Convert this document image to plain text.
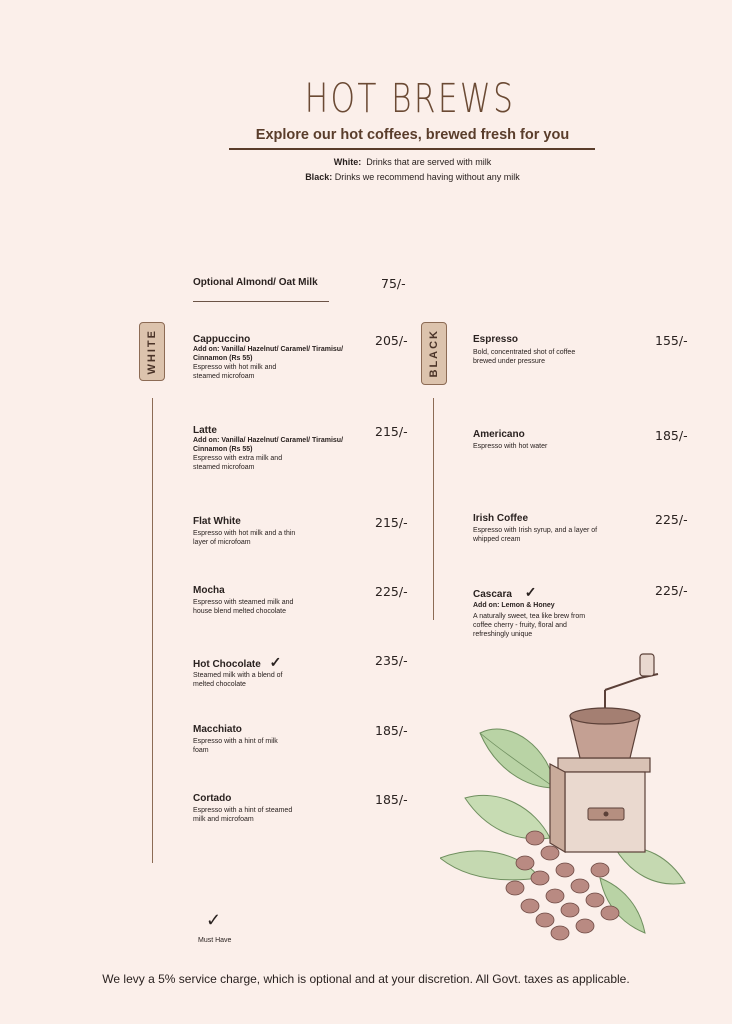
HOT BREWS
Explore our hot coffees, brewed fresh for you
White: Drinks that are served with milk
Black: Drinks we recommend having without any milk
Optional Almond/ Oat Milk	75/-
WHITE	BLACK
Cappuccino
Add on: Vanilla/ Hazelnut/ Caramel/ Tiramisu/ Cinnamon (Rs 55)
Espresso with hot milk and steamed microfoam
205/-
Latte
Add on: Vanilla/ Hazelnut/ Caramel/ Tiramisu/ Cinnamon (Rs 55)
Espresso with extra milk and steamed microfoam
215/-
Flat White
Espresso with hot milk and a thin layer of microfoam
215/-
Mocha
Espresso with steamed milk and house blend melted chocolate
225/-
Hot Chocolate ✓
Steamed milk with a blend of melted chocolate
235/-
Macchiato
Espresso with a hint of milk foam
185/-
Cortado
Espresso with a hint of steamed milk and microfoam
185/-
Espresso
Bold, concentrated shot of coffee brewed under pressure
155/-
Americano
Espresso with hot water
185/-
Irish Coffee
Espresso with Irish syrup, and a layer of whipped cream
225/-
Cascara ✓
Add on: Lemon & Honey
A naturally sweet, tea like brew from coffee cherry - fruity, floral and refreshingly unique
225/-
✓
Must Have
We levy a 5% service charge, which is optional and at your discretion. All Govt. taxes as applicable.
